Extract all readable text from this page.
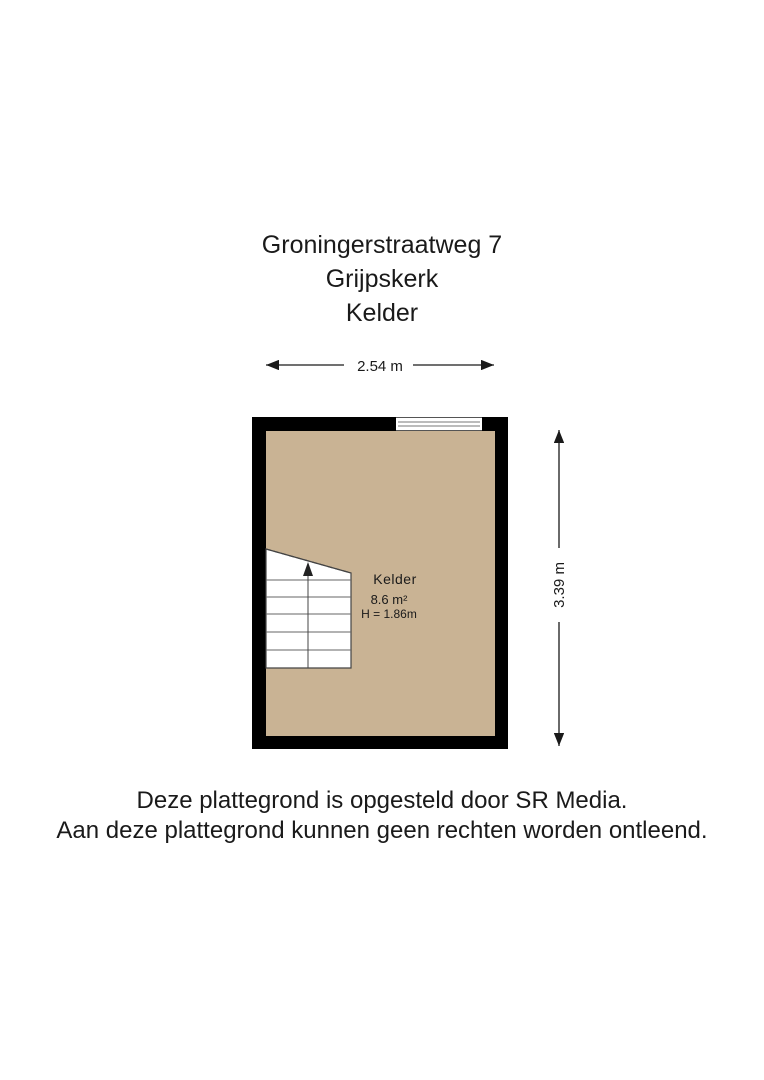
Groningerstraatweg 7
Grijpskerk
Kelder
2.54 m
3.39 m
Kelder
8.6 m²
H = 1.86m
Deze plattegrond is opgesteld door SR Media.
Aan deze plattegrond kunnen geen rechten worden ontleend.
